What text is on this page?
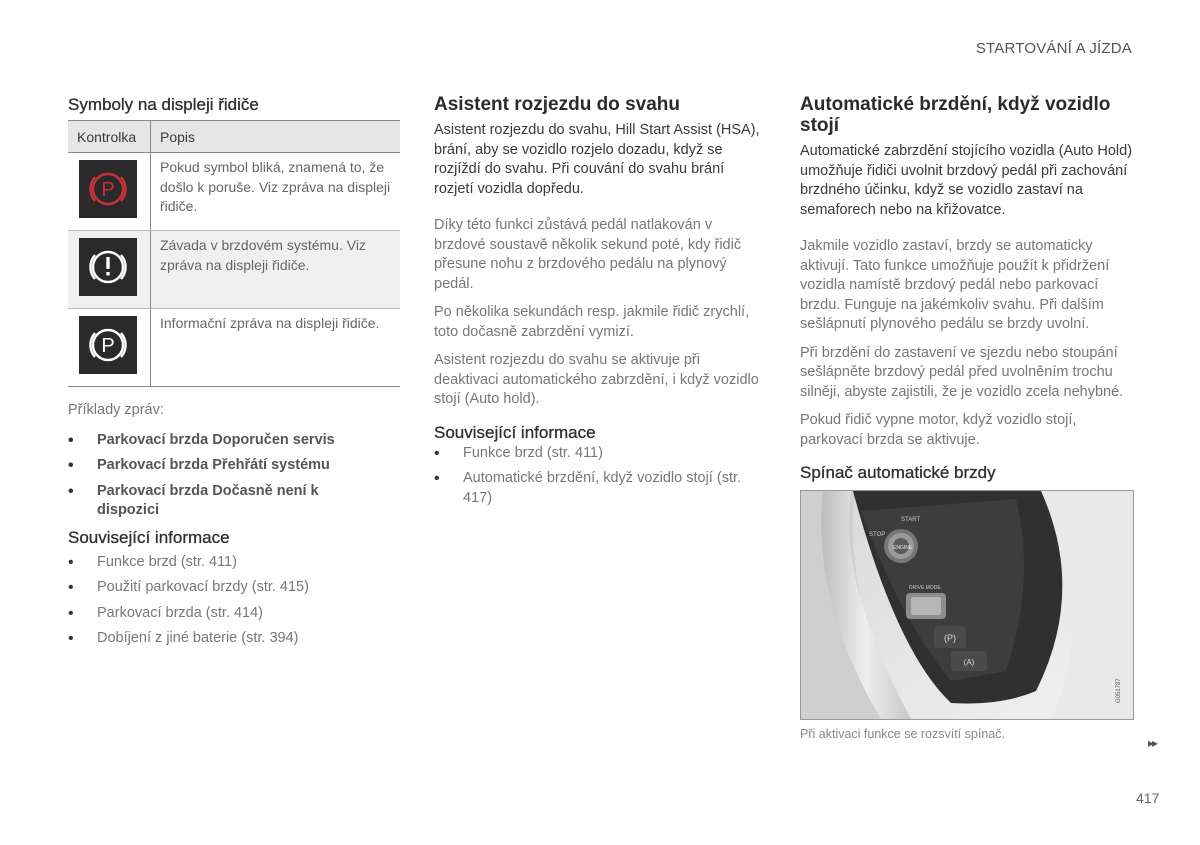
STARTOVÁNÍ A JÍZDA
Symboly na displeji řidiče
Kontrolka	Popis

P	Pokud symbol bliká, znamená to, že došlo k poruše. Viz zpráva na displeji řidiče.

	Závada v brzdovém systému. Viz zpráva na displeji řidiče.

P	Informační zpráva na displeji řidiče.
Příklady zpráv:
• Parkovací brzda Doporučen servis
• Parkovací brzda Přehřátí systému
• Parkovací brzda Dočasně není k dispozici
Související informace
• Funkce brzd (str. 411)
• Použití parkovací brzdy (str. 415)
• Parkovací brzda (str. 414)
• Dobíjení z jiné baterie (str. 394)
Asistent rozjezdu do svahu

Asistent rozjezdu do svahu, Hill Start Assist (HSA), brání, aby se vozidlo rozjelo dozadu, když se rozjíždí do svahu. Při couvání do svahu brání rozjetí vozidla dopředu.

Díky této funkci zůstává pedál natlakován v brzdové soustavě několik sekund poté, kdy řidič přesune nohu z brzdového pedálu na plynový pedál.

Po několika sekundách resp. jakmile řidič zrychlí, toto dočasně zabrzdění vymizí.

Asistent rozjezdu do svahu se aktivuje při deaktivaci automatického zabrzdění, i když vozidlo stojí (Auto hold).

Související informace
• Funkce brzd (str. 411)
• Automatické brzdění, když vozidlo stojí (str. 417)
Automatické brzdění, když vozidlo stojí

Automatické zabrzdění stojícího vozidla (Auto Hold) umožňuje řidiči uvolnit brzdový pedál při zachování brzdného účinku, když se vozidlo zastaví na semaforech nebo na křižovatce.

Jakmile vozidlo zastaví, brzdy se automaticky aktivují. Tato funkce umožňuje použít k přidržení vozidla namístě brzdový pedál nebo parkovací brzdu. Funguje na jakémkoliv svahu. Při dalším sešlápnutí plynového pedálu se brzdy uvolní.

Při brzdění do zastavení ve sjezdu nebo stoupání sešlápněte brzdový pedál před uvolněním trochu silněji, abyste zajistili, že je vozidlo zcela nehybné.

Pokud řidič vypne motor, když vozidlo stojí, parkovací brzda se aktivuje.

Spínač automatické brzdy
STOP
START
ENGINE
DRIVE MODE
(P)
(A)
G051787
Při aktivaci funkce se rozsvítí spínač.
▸▸
417
